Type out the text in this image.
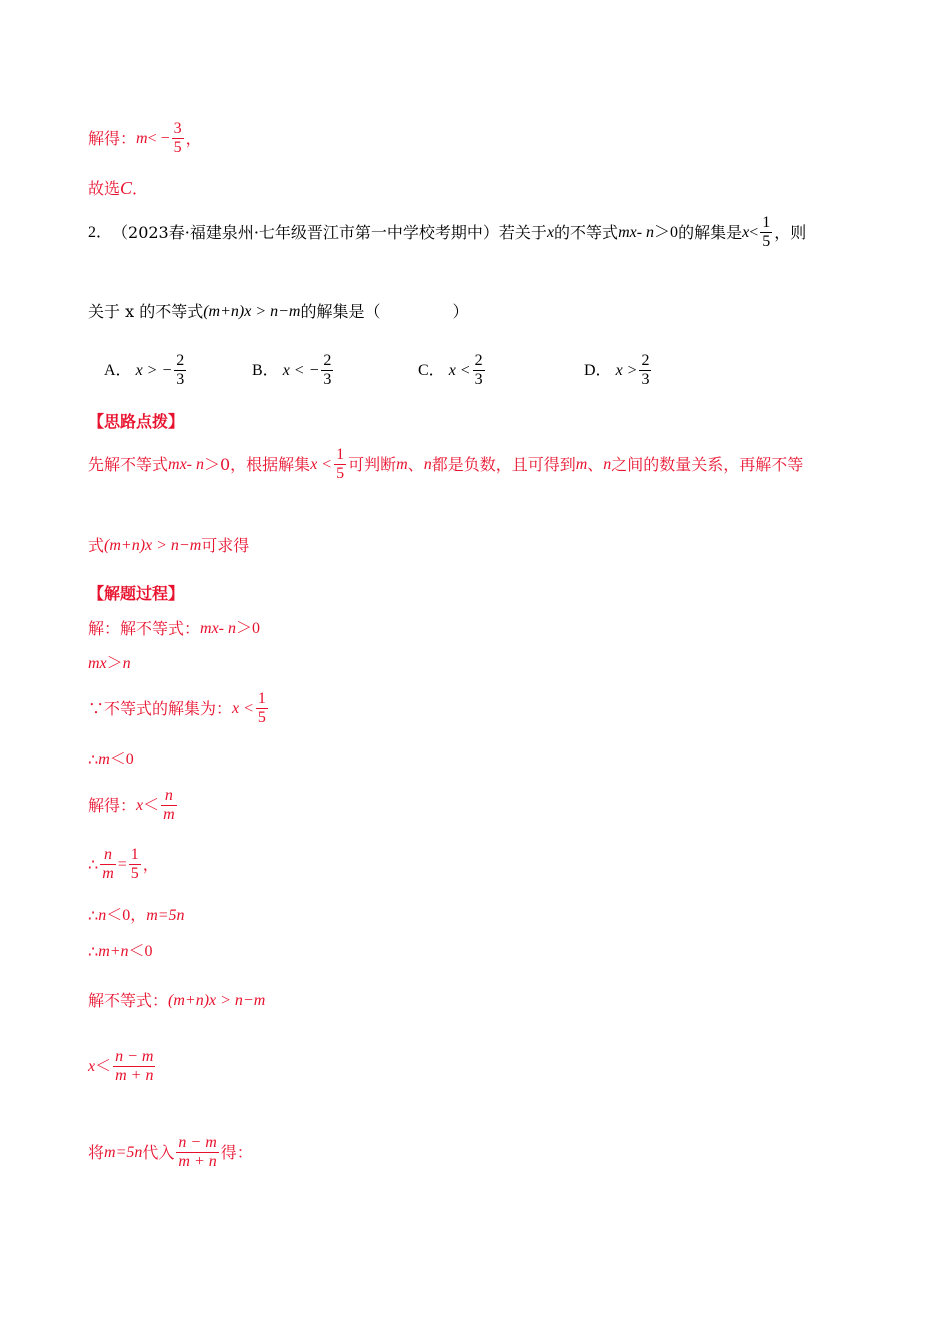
解得： m < − $\frac{3}{5}$ ，
故选 C ．
2． （2023春·福建泉州·七年级晋江市第一中学校考期中） 若关于 x 的不等式 mx- n ＞0 的解集是 $x < \frac{1}{5}$ ，则
关于 x 的不等式 (m+n)x > n−m 的解集是（	）
A． x > − $\frac{2}{3}$	B． x < − $\frac{2}{3}$	C． $x < \frac{2}{3}$	D． $x > \frac{2}{3}$
【思路点拨】
先解不等式 mx- n ＞0，根据解集 $x < \frac{1}{5}$ 可判断 m 、 n 都是负数，且可得到 m 、 n 之间的数量关系，再解不等
式 (m+n)x > n−m 可求得
【解题过程】
解：解不等式： mx- n ＞0
mx ＞ n
∵不等式的解集为： $x < \frac{1}{5}$
∴ m ＜0
解得： $x < \frac{n}{m}$
∴ $\frac{n}{m} = \frac{1}{5}$ ，
∴ n ＜0， m=5n
∴ m+n ＜0
解不等式： (m+n)x > n−m
$x < \frac{n - m}{m + n}$
将 m=5n 代入 $\frac{n - m}{m + n}$ 得：
